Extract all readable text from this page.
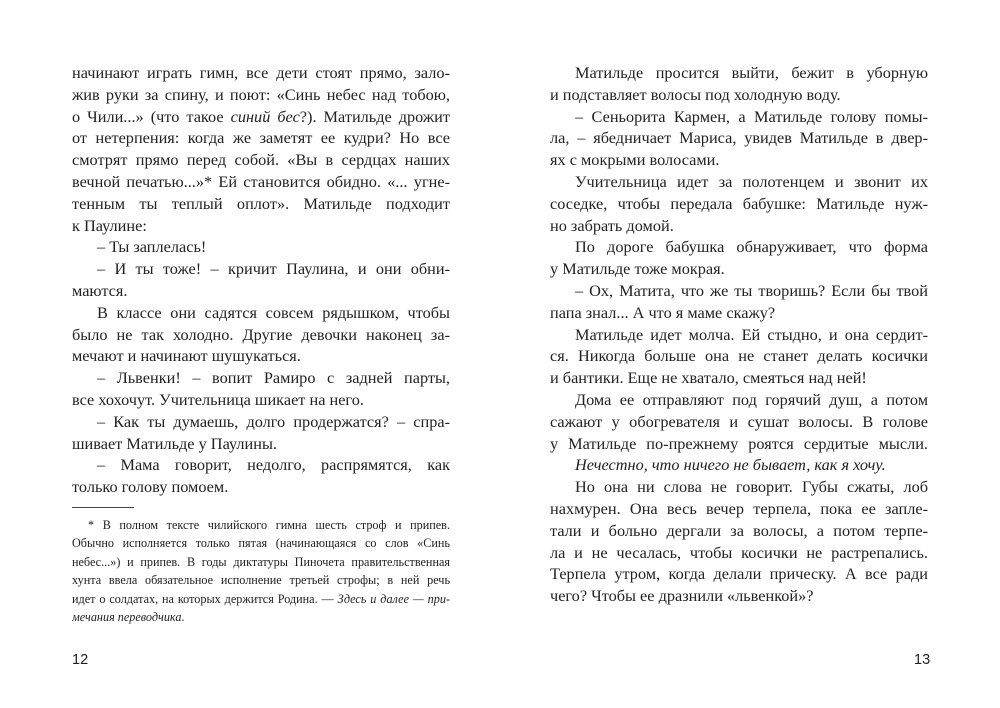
начинают играть гимн, все дети стоят прямо, зало-
жив руки за спину, и поют: «Синь небес над тобою,
о Чили...» (что такое синий бес?). Матильде дрожит
от нетерпения: когда же заметят ее кудри? Но все
смотрят прямо перед собой. «Вы в сердцах наших
вечной печатью...»* Ей становится обидно. «... угне-
тенным ты теплый оплот». Матильде подходит
к Паулине:
– Ты заплелась!
– И ты тоже! – кричит Паулина, и они обни-
маются.
В классе они садятся совсем рядышком, чтобы
было не так холодно. Другие девочки наконец за-
мечают и начинают шушукаться.
– Львенки! – вопит Рамиро с задней парты,
все хохочут. Учительница шикает на него.
– Как ты думаешь, долго продержатся? – спра-
шивает Матильде у Паулины.
– Мама говорит, недолго, распрямятся, как
только голову помоем.
* В полном тексте чилийского гимна шесть строф и припев.
Обычно исполняется только пятая (начинающаяся со слов «Синь
небес...») и припев. В годы диктатуры Пиночета правительственная
хунта ввела обязательное исполнение третьей строфы; в ней речь
идет о солдатах, на которых держится Родина. — Здесь и далее — при-
мечания переводчика.
12
Матильде просится выйти, бежит в уборную
и подставляет волосы под холодную воду.
– Сеньорита Кармен, а Матильде голову помы-
ла, – ябедничает Мариса, увидев Матильде в двер-
ях с мокрыми волосами.
Учительница идет за полотенцем и звонит их
соседке, чтобы передала бабушке: Матильде нуж-
но забрать домой.
По дороге бабушка обнаруживает, что форма
у Матильде тоже мокрая.
– Ох, Матита, что же ты творишь? Если бы твой
папа знал... А что я маме скажу?
Матильде идет молча. Ей стыдно, и она сердит-
ся. Никогда больше она не станет делать косички
и бантики. Еще не хватало, смеяться над ней!
Дома ее отправляют под горячий душ, а потом
сажают у обогревателя и сушат волосы. В голове
у Матильде по-прежнему роятся сердитые мысли.
Нечестно, что ничего не бывает, как я хочу.
Но она ни слова не говорит. Губы сжаты, лоб
нахмурен. Она весь вечер терпела, пока ее запле-
тали и больно дергали за волосы, а потом терпе-
ла и не чесалась, чтобы косички не растрепались.
Терпела утром, когда делали прическу. А все ради
чего? Чтобы ее дразнили «львенкой»?
13
